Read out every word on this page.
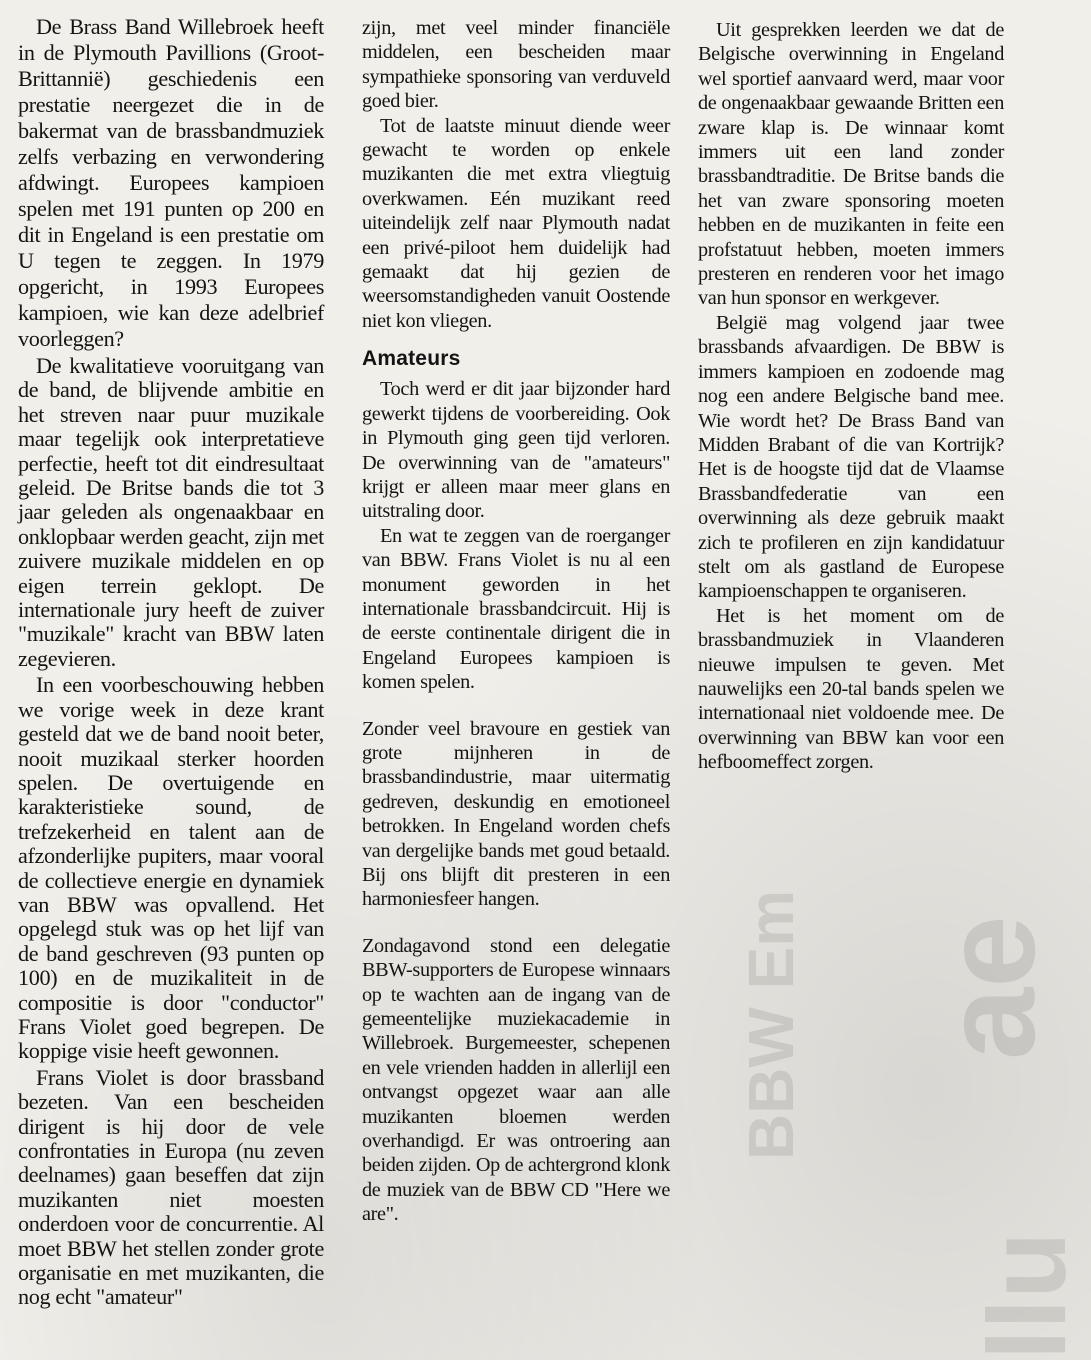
BBW Em ae
llu

De Brass Band Willebroek heeft in de Plymouth Pavillions (Groot-Brittannië) geschiedenis een prestatie neergezet die in de bakermat van de brassbandmuziek zelfs verbazing en verwondering afdwingt. Europees kampioen spelen met 191 punten op 200 en dit in Engeland is een prestatie om U tegen te zeggen. In 1979 opgericht, in 1993 Europees kampioen, wie kan deze adelbrief voorleggen?

De kwalitatieve vooruitgang van de band, de blijvende ambitie en het streven naar puur muzikale maar tegelijk ook interpretatieve perfectie, heeft tot dit eindresultaat geleid. De Britse bands die tot 3 jaar geleden als ongenaakbaar en onklopbaar werden geacht, zijn met zuivere muzikale middelen en op eigen terrein geklopt. De internationale jury heeft de zuiver "muzikale" kracht van BBW laten zegevieren.

In een voorbeschouwing hebben we vorige week in deze krant gesteld dat we de band nooit beter, nooit muzikaal sterker hoorden spelen. De overtuigende en karakteristieke sound, de trefzekerheid en talent aan de afzonderlijke pupiters, maar vooral de collectieve energie en dynamiek van BBW was opvallend. Het opgelegd stuk was op het lijf van de band geschreven (93 punten op 100) en de muzikaliteit in de compositie is door "conductor" Frans Violet goed begrepen. De koppige visie heeft gewonnen.

Frans Violet is door brassband bezeten. Van een bescheiden dirigent is hij door de vele confrontaties in Europa (nu zeven deelnames) gaan beseffen dat zijn muzikanten niet moesten onderdoen voor de concurrentie. Al moet BBW het stellen zonder grote organisatie en met muzikanten, die nog echt "amateur"

zijn, met veel minder financiële middelen, een bescheiden maar sympathieke sponsoring van verduveld goed bier.

Tot de laatste minuut diende weer gewacht te worden op enkele muzikanten die met extra vliegtuig overkwamen. Eén muzikant reed uiteindelijk zelf naar Plymouth nadat een privé-piloot hem duidelijk had gemaakt dat hij gezien de weersomstandigheden vanuit Oostende niet kon vliegen.

Amateurs

Toch werd er dit jaar bijzonder hard gewerkt tijdens de voorbereiding. Ook in Plymouth ging geen tijd verloren. De overwinning van de "amateurs" krijgt er alleen maar meer glans en uitstraling door.

En wat te zeggen van de roerganger van BBW. Frans Violet is nu al een monument geworden in het internationale brassbandcircuit. Hij is de eerste continentale dirigent die in Engeland Europees kampioen is komen spelen.

Zonder veel bravoure en gestiek van grote mijnheren in de brassbandindustrie, maar uitermatig gedreven, deskundig en emotioneel betrokken. In Engeland worden chefs van dergelijke bands met goud betaald. Bij ons blijft dit presteren in een harmoniesfeer hangen.

Zondagavond stond een delegatie BBW-supporters de Europese winnaars op te wachten aan de ingang van de gemeentelijke muziekacademie in Willebroek. Burgemeester, schepenen en vele vrienden hadden in allerlijl een ontvangst opgezet waar aan alle muzikanten bloemen werden overhandigd. Er was ontroering aan beiden zijden. Op de achtergrond klonk de muziek van de BBW CD "Here we are".

Uit gesprekken leerden we dat de Belgische overwinning in Engeland wel sportief aanvaard werd, maar voor de ongenaakbaar gewaande Britten een zware klap is. De winnaar komt immers uit een land zonder brassbandtraditie. De Britse bands die het van zware sponsoring moeten hebben en de muzikanten in feite een profstatuut hebben, moeten immers presteren en renderen voor het imago van hun sponsor en werkgever.

België mag volgend jaar twee brassbands afvaardigen. De BBW is immers kampioen en zodoende mag nog een andere Belgische band mee. Wie wordt het? De Brass Band van Midden Brabant of die van Kortrijk? Het is de hoogste tijd dat de Vlaamse Brassbandfederatie van een overwinning als deze gebruik maakt zich te profileren en zijn kandidatuur stelt om als gastland de Europese kampioenschappen te organiseren.

Het is het moment om de brassbandmuziek in Vlaanderen nieuwe impulsen te geven. Met nauwelijks een 20-tal bands spelen we internationaal niet voldoende mee. De overwinning van BBW kan voor een hefboomeffect zorgen.
